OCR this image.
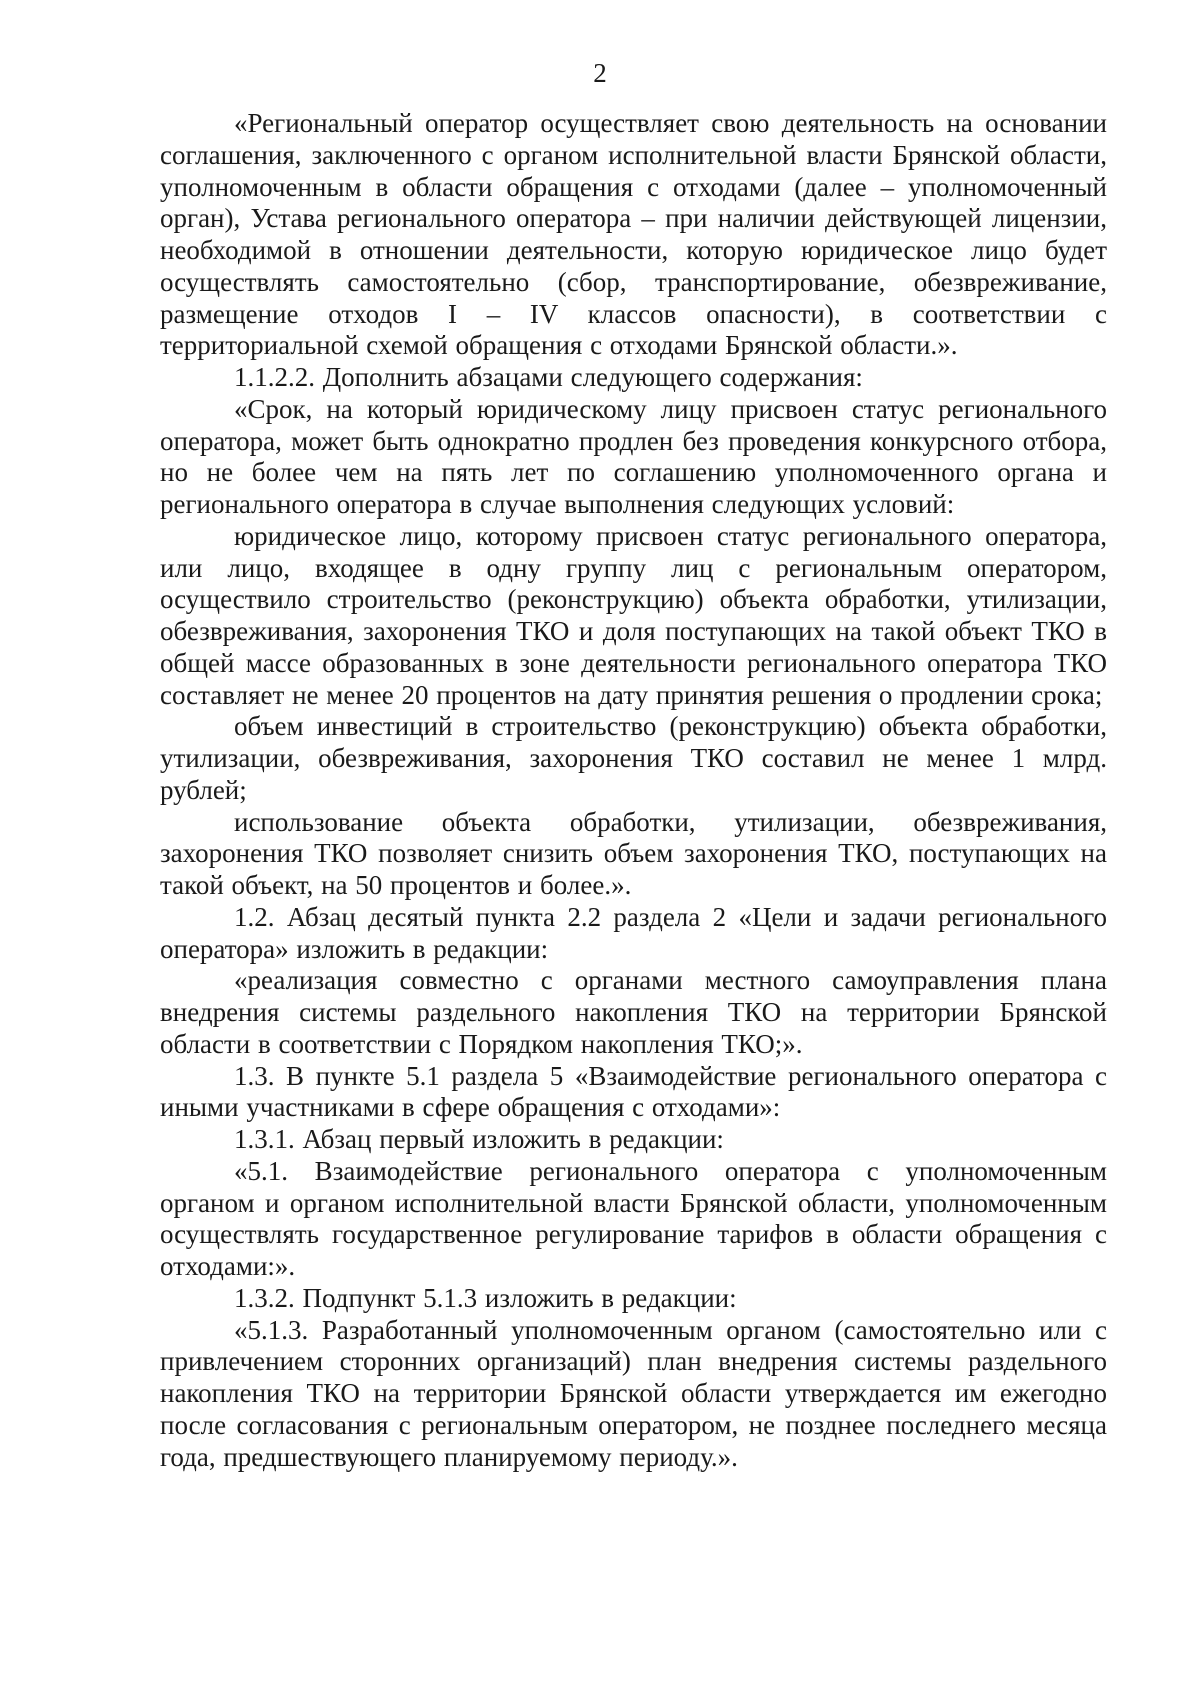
2

«Региональный оператор осуществляет свою деятельность на основании соглашения, заключенного с органом исполнительной власти Брянской области, уполномоченным в области обращения с отходами (далее – уполномоченный орган), Устава регионального оператора – при наличии действующей лицензии, необходимой в отношении деятельности, которую юридическое лицо будет осуществлять самостоятельно (сбор, транспортирование, обезвреживание, размещение отходов I – IV классов опасности), в соответствии с территориальной схемой обращения с отходами Брянской области.».

1.1.2.2. Дополнить абзацами следующего содержания:

«Срок, на который юридическому лицу присвоен статус регионального оператора, может быть однократно продлен без проведения конкурсного отбора, но не более чем на пять лет по соглашению уполномоченного органа и регионального оператора в случае выполнения следующих условий:

юридическое лицо, которому присвоен статус регионального оператора, или лицо, входящее в одну группу лиц с региональным оператором, осуществило строительство (реконструкцию) объекта обработки, утилизации, обезвреживания, захоронения ТКО и доля поступающих на такой объект ТКО в общей массе образованных в зоне деятельности регионального оператора ТКО составляет не менее 20 процентов на дату принятия решения о продлении срока;

объем инвестиций в строительство (реконструкцию) объекта обработки, утилизации, обезвреживания, захоронения ТКО составил не менее 1 млрд. рублей;

использование объекта обработки, утилизации, обезвреживания, захоронения ТКО позволяет снизить объем захоронения ТКО, поступающих на такой объект, на 50 процентов и более.».

1.2. Абзац десятый пункта 2.2 раздела 2 «Цели и задачи регионального оператора» изложить в редакции:

«реализация совместно с органами местного самоуправления плана внедрения системы раздельного накопления ТКО на территории Брянской области в соответствии с Порядком накопления ТКО;».

1.3. В пункте 5.1 раздела 5 «Взаимодействие регионального оператора с иными участниками в сфере обращения с отходами»:

1.3.1. Абзац первый изложить в редакции:

«5.1. Взаимодействие регионального оператора с уполномоченным органом и органом исполнительной власти Брянской области, уполномоченным осуществлять государственное регулирование тарифов в области обращения с отходами:».

1.3.2. Подпункт 5.1.3 изложить в редакции:

«5.1.3. Разработанный уполномоченным органом (самостоятельно или с привлечением сторонних организаций) план внедрения системы раздельного накопления ТКО на территории Брянской области утверждается им ежегодно после согласования с региональным оператором, не позднее последнего месяца года, предшествующего планируемому периоду.».
